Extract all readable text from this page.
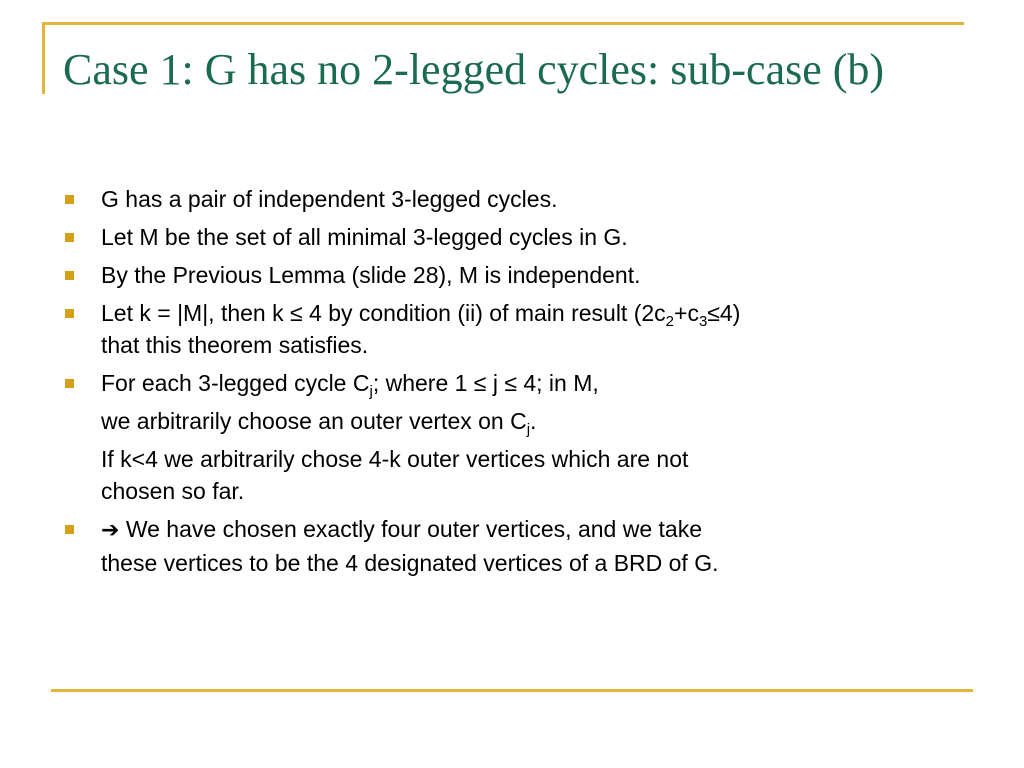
Case 1: G has no 2-legged cycles: sub-case (b)
G has a pair of independent 3-legged cycles.
Let M be the set of all minimal 3-legged cycles in G.
By the Previous Lemma (slide 28), M is independent.
Let k = |M|, then k ≤ 4 by condition (ii) of main result $(2c_2+c_3\le 4)$
that this theorem satisfies.
For each 3-legged cycle $C_j$; where 1 ≤ j ≤ 4; in M,
we arbitrarily choose an outer vertex on $C_j$.
If k<4 we arbitrarily chose 4-k outer vertices which are not
chosen so far.
➔ We have chosen exactly four outer vertices, and we take
these vertices to be the 4 designated vertices of a BRD of G.
